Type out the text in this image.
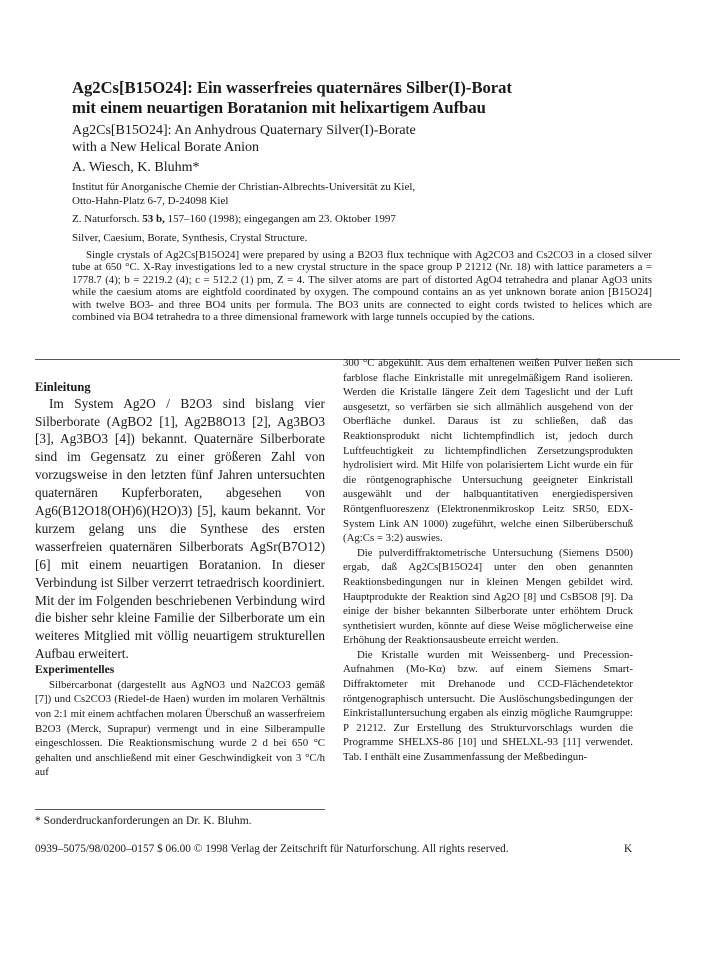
Ag2Cs[B15O24]: Ein wasserfreies quaternäres Silber(I)-Borat
mit einem neuartigen Boratanion mit helixartigem Aufbau
Ag2Cs[B15O24]: An Anhydrous Quaternary Silver(I)-Borate
with a New Helical Borate Anion
A. Wiesch, K. Bluhm*
Institut für Anorganische Chemie der Christian-Albrechts-Universität zu Kiel,
Otto-Hahn-Platz 6-7, D-24098 Kiel
Z. Naturforsch. 53 b, 157–160 (1998); eingegangen am 23. Oktober 1997
Silver, Caesium, Borate, Synthesis, Crystal Structure.

Single crystals of Ag2Cs[B15O24] were prepared by using a B2O3 flux technique with Ag2CO3 and Cs2CO3 in a closed silver tube at 650 °C. X-Ray investigations led to a new crystal structure in the space group P 21212 (Nr. 18) with lattice parameters a = 1778.7 (4); b = 2219.2 (4); c = 512.2 (1) pm, Z = 4. The silver atoms are part of distorted AgO4 tetrahedra and planar AgO3 units while the caesium atoms are eightfold coordinated by oxygen. The compound contains an as yet unknown borate anion [B15O24] with twelve BO3- and three BO4 units per formula. The BO3 units are connected to eight cords twisted to helices which are combined via BO4 tetrahedra to a three dimensional framework with large tunnels occupied by the cations.

Einleitung

Im System Ag2O / B2O3 sind bislang vier Silberborate (AgBO2 [1], Ag2B8O13 [2], Ag3BO3 [3], Ag3BO3 [4]) bekannt. Quaternäre Silberborate sind im Gegensatz zu einer größeren Zahl von vorzugsweise in den letzten fünf Jahren untersuchten quaternären Kupferboraten, abgesehen von Ag6(B12O18(OH)6)(H2O)3) [5], kaum bekannt. Vor kurzem gelang uns die Synthese des ersten wasserfreien quaternären Silberborats AgSr(B7O12) [6] mit einem neuartigen Boratanion. In dieser Verbindung ist Silber verzerrt tetraedrisch koordiniert. Mit der im Folgenden beschriebenen Verbindung wird die bisher sehr kleine Familie der Silberborate um ein weiteres Mitglied mit völlig neuartigem strukturellen Aufbau erweitert.

Experimentelles

Silbercarbonat (dargestellt aus AgNO3 und Na2CO3 gemäß [7]) und Cs2CO3 (Riedel-de Haen) wurden im molaren Verhältnis von 2:1 mit einem achtfachen molaren Überschuß an wasserfreiem B2O3 (Merck, Suprapur) vermengt und in eine Silberampulle eingeschlossen. Die Reaktionsmischung wurde 2 d bei 650 °C gehalten und anschließend mit einer Geschwindigkeit von 3 °C/h auf

300 °C abgekühlt. Aus dem erhaltenen weißen Pulver ließen sich farblose flache Einkristalle mit unregelmäßigem Rand isolieren. Werden die Kristalle längere Zeit dem Tageslicht und der Luft ausgesetzt, so verfärben sie sich allmählich ausgehend von der Oberfläche dunkel. Daraus ist zu schließen, daß das Reaktionsprodukt nicht lichtempfindlich ist, jedoch durch Luftfeuchtigkeit zu lichtempfindlichen Zersetzungsprodukten hydrolisiert wird. Mit Hilfe von polarisiertem Licht wurde ein für die röntgenographische Untersuchung geeigneter Einkristall ausgewählt und der halbquantitativen energiedispersiven Röntgenfluoreszenz (Elektronenmikroskop Leitz SR50, EDX-System Link AN 1000) zugeführt, welche einen Silberüberschuß (Ag:Cs = 3:2) auswies.

Die pulverdiffraktometrische Untersuchung (Siemens D500) ergab, daß Ag2Cs[B15O24] unter den oben genannten Reaktionsbedingungen nur in kleinen Mengen gebildet wird. Hauptprodukte der Reaktion sind Ag2O [8] und CsB5O8 [9]. Da einige der bisher bekannten Silberborate unter erhöhtem Druck synthetisiert wurden, könnte auf diese Weise möglicherweise eine Erhöhung der Reaktionsausbeute erreicht werden.

Die Kristalle wurden mit Weissenberg- und Precession-Aufnahmen (Mo-Kα) bzw. auf einem Siemens Smart-Diffraktometer mit Drehanode und CCD-Flächendetektor röntgenographisch untersucht. Die Auslöschungsbedingungen der Einkristalluntersuchung ergaben als einzig mögliche Raumgruppe: P 21212. Zur Erstellung des Strukturvorschlags wurden die Programme SHELXS-86 [10] und SHELXL-93 [11] verwendet. Tab. I enthält eine Zusammenfassung der Meßbedingun-

* Sonderdruckanforderungen an Dr. K. Bluhm.
0939–5075/98/0200–0157 $ 06.00 © 1998 Verlag der Zeitschrift für Naturforschung. All rights reserved.	K
